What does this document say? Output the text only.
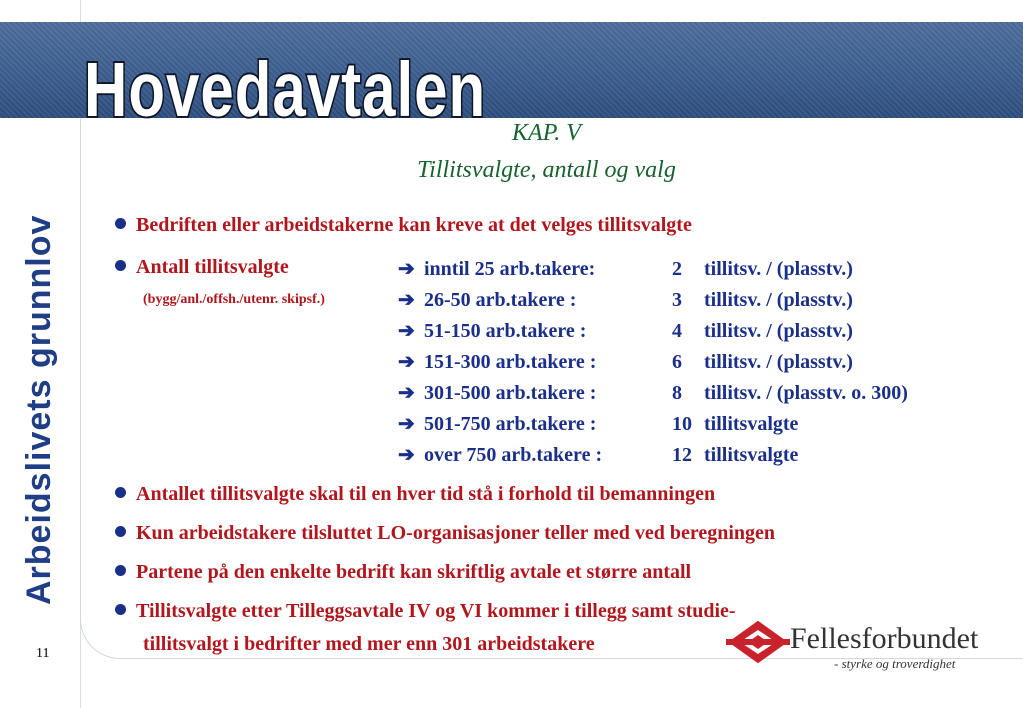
Arbeidslivets grunnlov
Hovedavtalen
KAP. V
Tillitsvalgte, antall og valg
Bedriften eller arbeidstakerne kan kreve at det velges tillitsvalgte
Antall tillitsvalgte
(bygg/anl./offsh./utenr. skipsf.)
➔ inntil 25 arb.takere:	2 tillitsv. / (plasstv.)
➔ 26-50 arb.takere :	3 tillitsv. / (plasstv.)
➔ 51-150 arb.takere :	4 tillitsv. / (plasstv.)
➔ 151-300 arb.takere :	6 tillitsv. / (plasstv.)
➔ 301-500 arb.takere :	8 tillitsv. / (plasstv. o. 300)
➔ 501-750 arb.takere :	10 tillitsvalgte
➔ over 750 arb.takere :	12 tillitsvalgte
Antallet tillitsvalgte skal til en hver tid stå i forhold til bemanningen
Kun arbeidstakere tilsluttet LO-organisasjoner teller med ved beregningen
Partene på den enkelte bedrift kan skriftlig avtale et større antall
Tillitsvalgte etter Tilleggsavtale IV og VI kommer i tillegg samt studie-
tillitsvalgt i bedrifter med mer enn 301 arbeidstakere
11	Fellesforbundet
- styrke og troverdighet
